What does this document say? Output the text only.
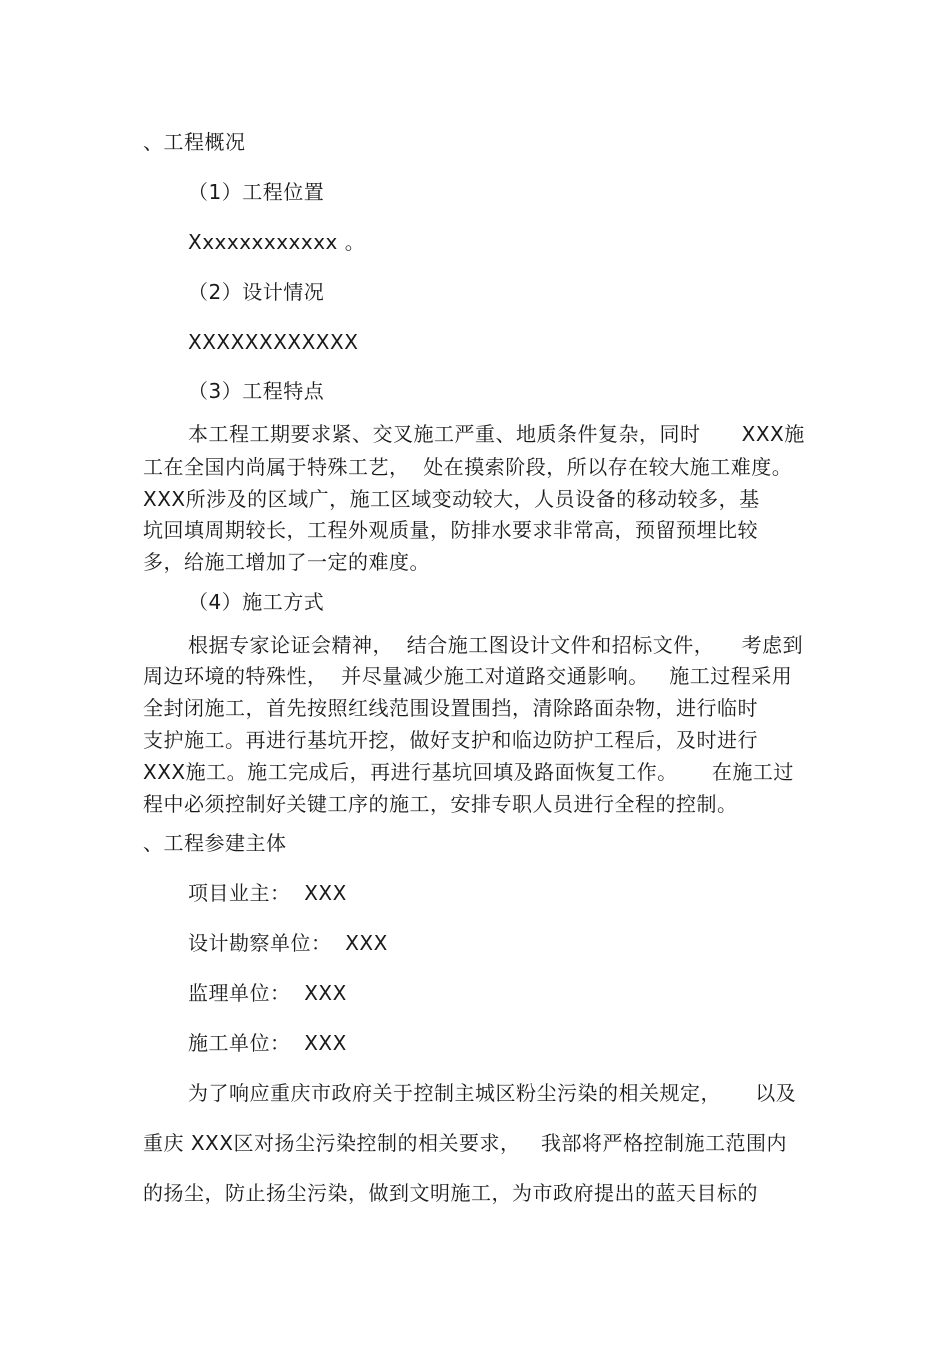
、工程概况

（1）工程位置

Xxxxxxxxxxxx 。

（2）设计情况

XXXXXXXXXXXX

（3）工程特点

本工程工期要求紧、交叉施工严重、地质条件复杂，同时      XXX施

工在全国内尚属于特殊工艺，  处在摸索阶段，所以存在较大施工难度。

XXX所涉及的区域广，施工区域变动较大，人员设备的移动较多，基

坑回填周期较长，工程外观质量，防排水要求非常高，预留预埋比较

多，给施工增加了一定的难度。

（4）施工方式

根据专家论证会精神，  结合施工图设计文件和招标文件，    考虑到

周边环境的特殊性，  并尽量减少施工对道路交通影响。   施工过程采用

全封闭施工，首先按照红线范围设置围挡，清除路面杂物，进行临时

支护施工。再进行基坑开挖，做好支护和临边防护工程后，及时进行

XXX施工。施工完成后，再进行基坑回填及路面恢复工作。     在施工过

程中必须控制好关键工序的施工，安排专职人员进行全程的控制。

、工程参建主体

项目业主：  XXX

设计勘察单位：  XXX

监理单位：  XXX

施工单位：  XXX

为了响应重庆市政府关于控制主城区粉尘污染的相关规定，     以及

重庆 XXX区对扬尘污染控制的相关要求，   我部将严格控制施工范围内

的扬尘，防止扬尘污染，做到文明施工，为市政府提出的蓝天目标的
